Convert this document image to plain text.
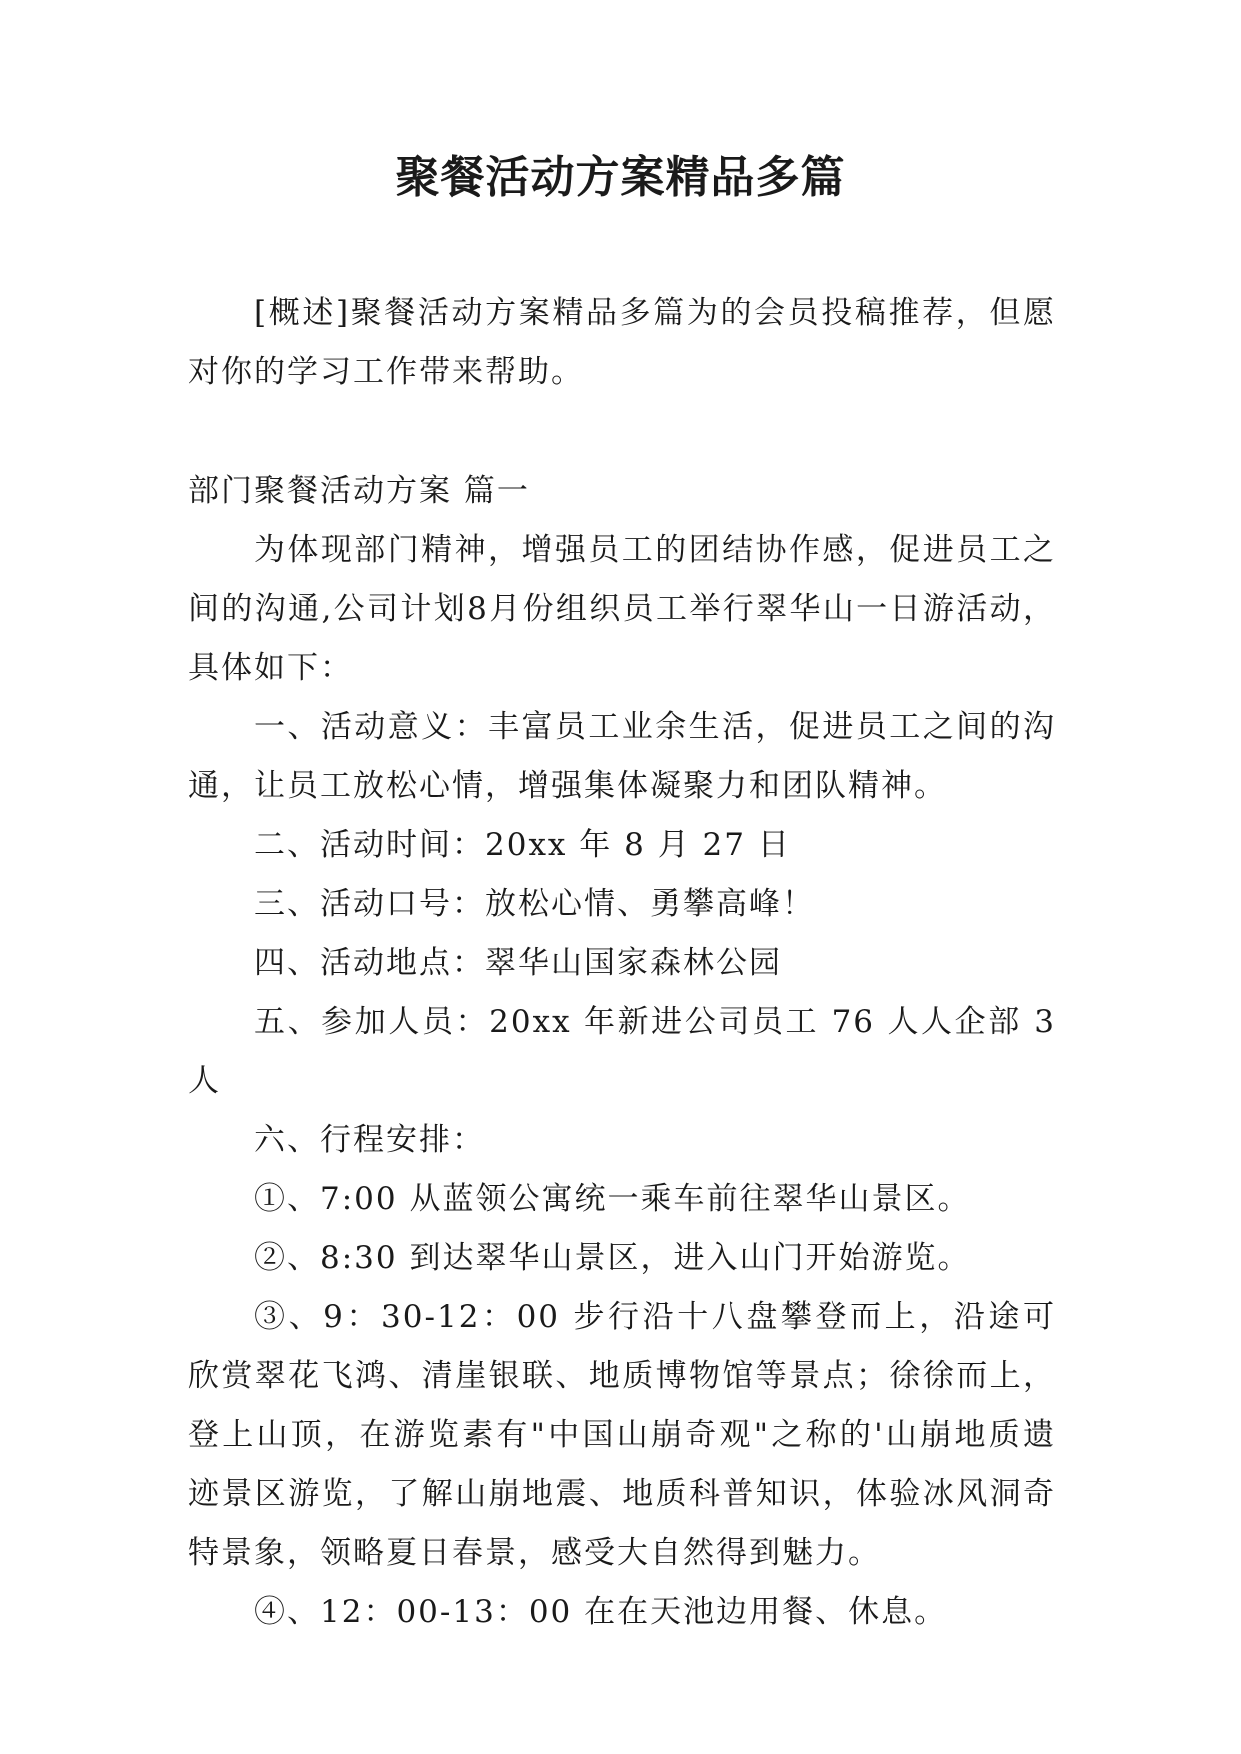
聚餐活动方案精品多篇

[概述]聚餐活动方案精品多篇为的会员投稿推荐，但愿对你的学习工作带来帮助。

部门聚餐活动方案 篇一

为体现部门精神，增强员工的团结协作感，促进员工之间的沟通,公司计划8月份组织员工举行翠华山一日游活动，具体如下：

一、活动意义：丰富员工业余生活，促进员工之间的沟通，让员工放松心情，增强集体凝聚力和团队精神。

二、活动时间：20xx 年 8 月 27 日

三、活动口号：放松心情、勇攀高峰！

四、活动地点：翠华山国家森林公园

五、参加人员：20xx 年新进公司员工 76 人人企部 3 人

六、行程安排：

①、7:00 从蓝领公寓统一乘车前往翠华山景区。

②、8:30 到达翠华山景区，进入山门开始游览。

③、9：30-12：00 步行沿十八盘攀登而上，沿途可欣赏翠花飞鸿、清崖银联、地质博物馆等景点；徐徐而上，登上山顶，在游览素有"中国山崩奇观"之称的'山崩地质遗迹景区游览，了解山崩地震、地质科普知识，体验冰风洞奇特景象，领略夏日春景，感受大自然得到魅力。

④、12：00-13：00 在在天池边用餐、休息。
